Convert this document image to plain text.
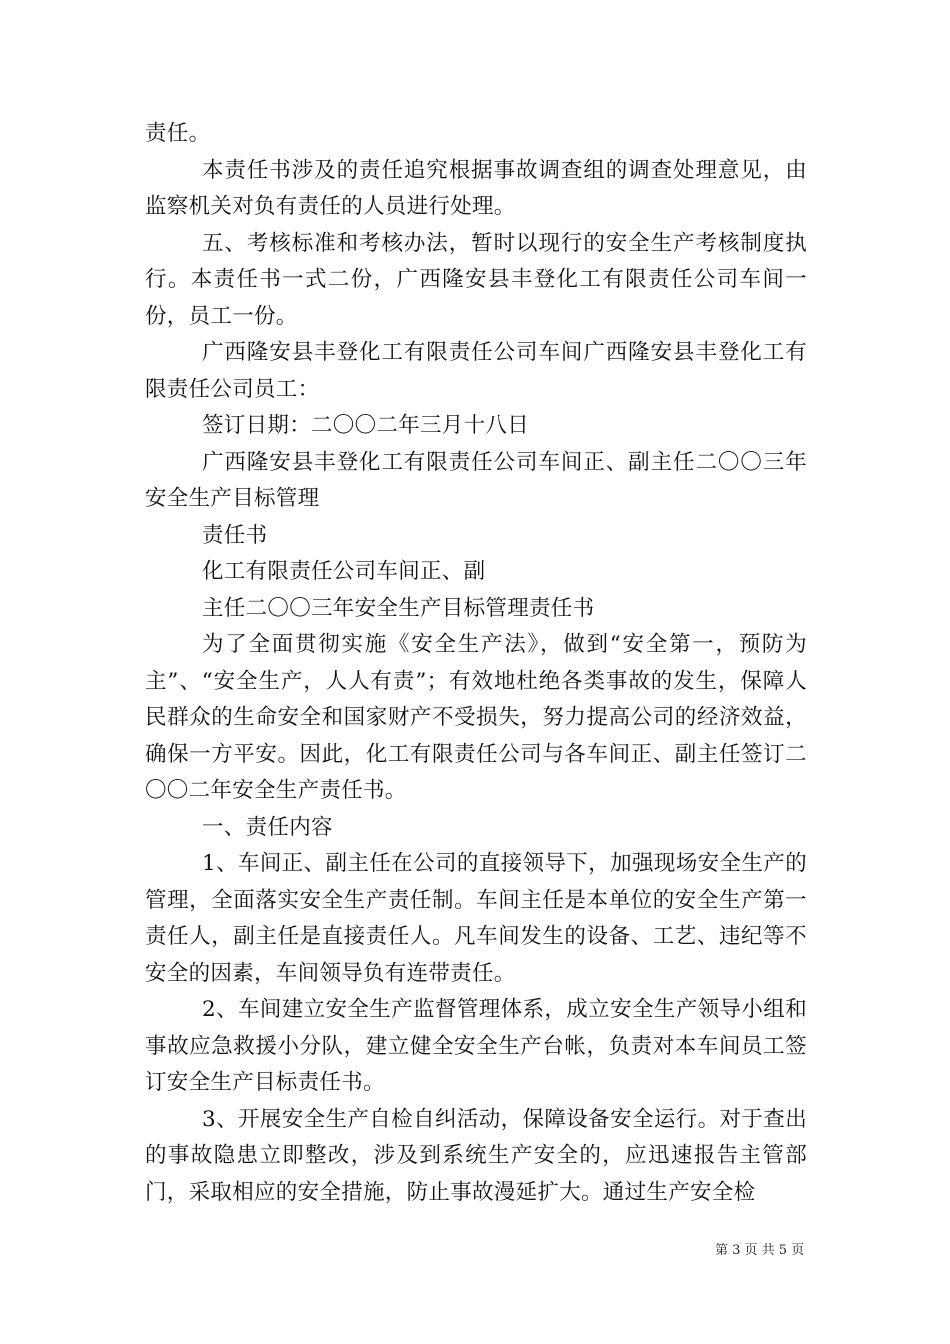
责任。

本责任书涉及的责任追究根据事故调查组的调查处理意见，由监察机关对负有责任的人员进行处理。

五、考核标准和考核办法，暂时以现行的安全生产考核制度执行。本责任书一式二份，广西隆安县丰登化工有限责任公司车间一份，员工一份。

广西隆安县丰登化工有限责任公司车间广西隆安县丰登化工有限责任公司员工：

签订日期：二〇〇二年三月十八日

广西隆安县丰登化工有限责任公司车间正、副主任二〇〇三年安全生产目标管理

责任书

化工有限责任公司车间正、副

主任二〇〇三年安全生产目标管理责任书

为了全面贯彻实施《安全生产法》，做到“安全第一，预防为主”、“安全生产，人人有责”；有效地杜绝各类事故的发生，保障人民群众的生命安全和国家财产不受损失，努力提高公司的经济效益，确保一方平安。因此，化工有限责任公司与各车间正、副主任签订二〇〇二年安全生产责任书。

一、责任内容

1、车间正、副主任在公司的直接领导下，加强现场安全生产的管理，全面落实安全生产责任制。车间主任是本单位的安全生产第一责任人，副主任是直接责任人。凡车间发生的设备、工艺、违纪等不安全的因素，车间领导负有连带责任。

2、车间建立安全生产监督管理体系，成立安全生产领导小组和事故应急救援小分队，建立健全安全生产台帐，负责对本车间员工签订安全生产目标责任书。

3、开展安全生产自检自纠活动，保障设备安全运行。对于查出的事故隐患立即整改，涉及到系统生产安全的，应迅速报告主管部门，采取相应的安全措施，防止事故漫延扩大。通过生产安全检

第 3 页 共 5 页
